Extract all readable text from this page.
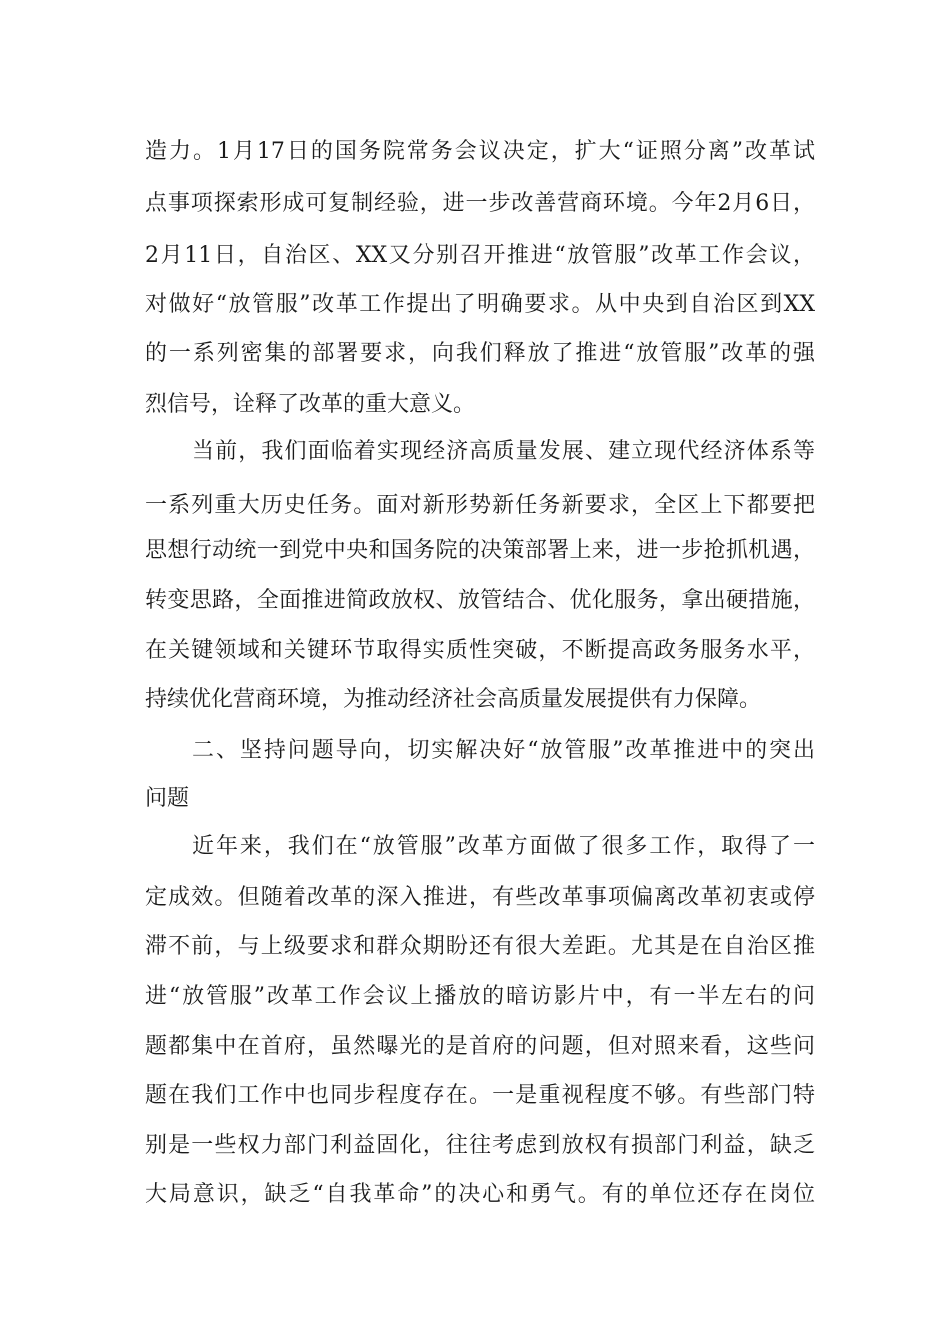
造力。1月17日的国务院常务会议决定，扩大“证照分离”改革试
点事项探索形成可复制经验，进一步改善营商环境。今年2月6日，
2月11日，自治区、XX又分别召开推进“放管服”改革工作会议，
对做好“放管服”改革工作提出了明确要求。从中央到自治区到XX
的一系列密集的部署要求，向我们释放了推进“放管服”改革的强
烈信号，诠释了改革的重大意义。
当前，我们面临着实现经济高质量发展、建立现代经济体系等
一系列重大历史任务。面对新形势新任务新要求，全区上下都要把
思想行动统一到党中央和国务院的决策部署上来，进一步抢抓机遇，
转变思路，全面推进简政放权、放管结合、优化服务，拿出硬措施，
在关键领域和关键环节取得实质性突破，不断提高政务服务水平，
持续优化营商环境，为推动经济社会高质量发展提供有力保障。
二、坚持问题导向，切实解决好“放管服”改革推进中的突出
问题
近年来，我们在“放管服”改革方面做了很多工作，取得了一
定成效。但随着改革的深入推进，有些改革事项偏离改革初衷或停
滞不前，与上级要求和群众期盼还有很大差距。尤其是在自治区推
进“放管服”改革工作会议上播放的暗访影片中，有一半左右的问
题都集中在首府，虽然曝光的是首府的问题，但对照来看，这些问
题在我们工作中也同步程度存在。一是重视程度不够。有些部门特
别是一些权力部门利益固化，往往考虑到放权有损部门利益，缺乏
大局意识，缺乏“自我革命”的决心和勇气。有的单位还存在岗位
